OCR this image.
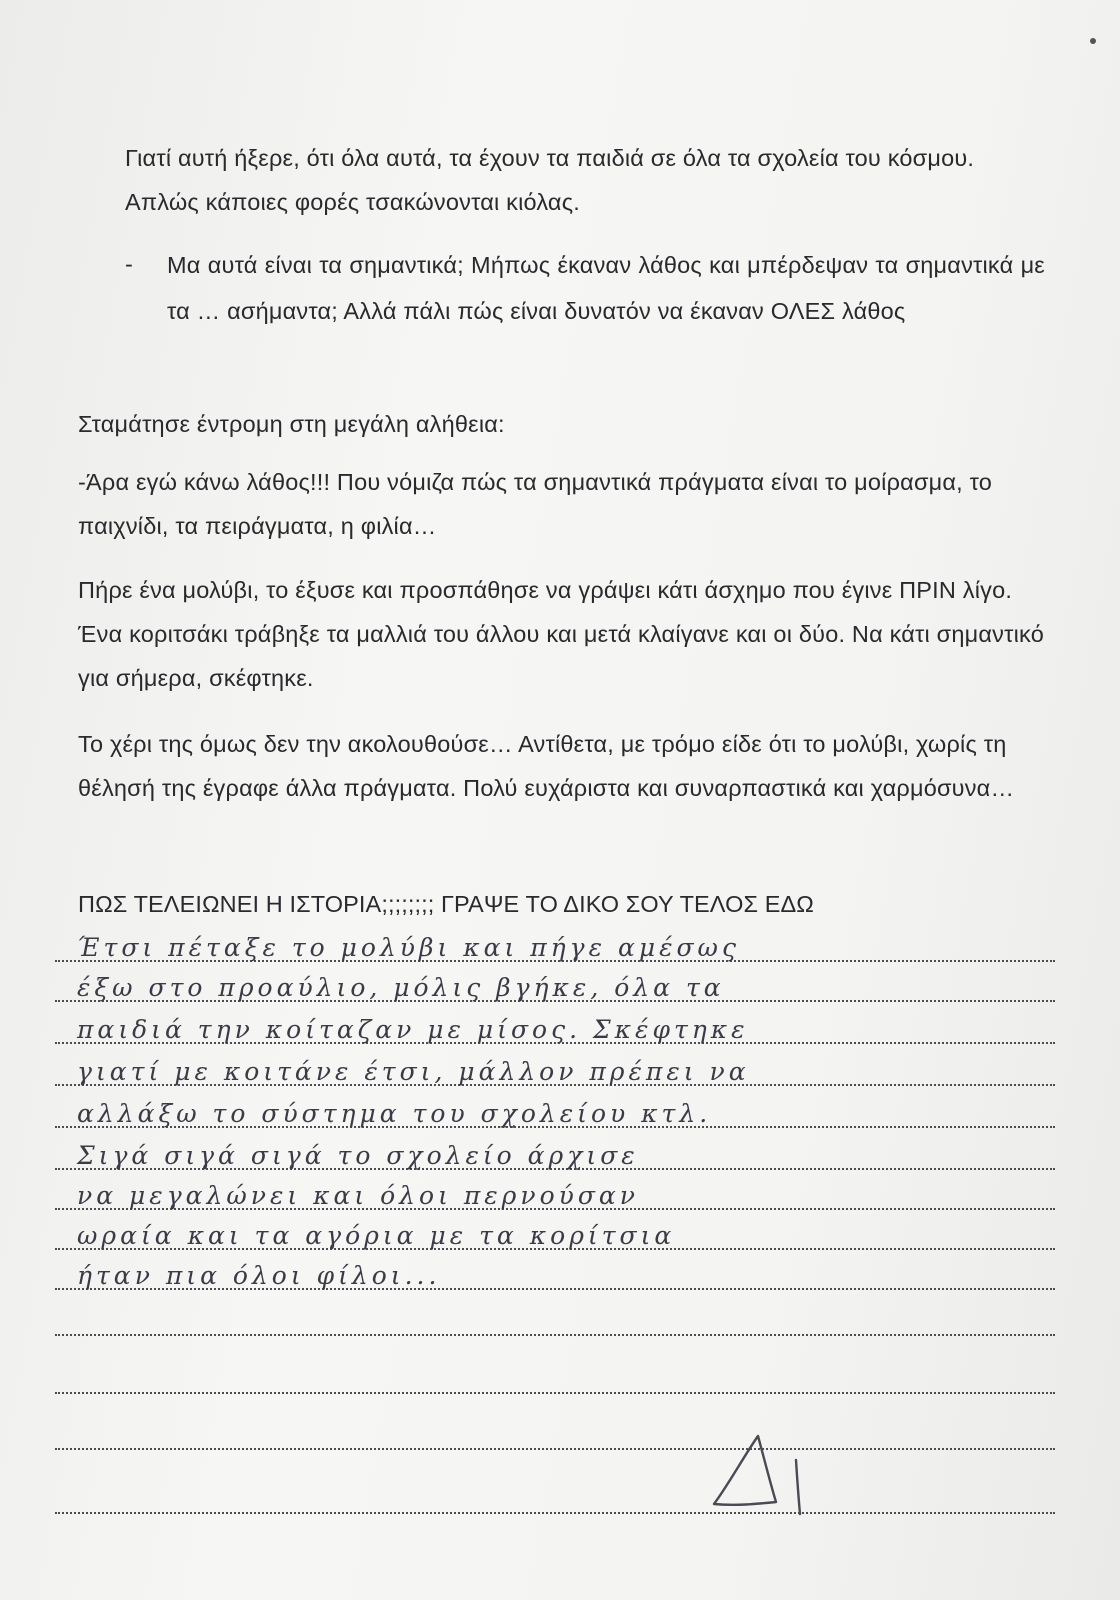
Γιατί αυτή ήξερε, ότι όλα αυτά, τα έχουν τα παιδιά σε όλα τα σχολεία του κόσμου. Απλώς κάποιες φορές τσακώνονται κιόλας.

- Μα αυτά είναι τα σημαντικά; Μήπως έκαναν λάθος και μπέρδεψαν τα σημαντικά με τα … ασήμαντα; Αλλά πάλι πώς είναι δυνατόν να έκαναν ΟΛΕΣ λάθος

Σταμάτησε έντρομη στη μεγάλη αλήθεια:

-Άρα εγώ κάνω λάθος!!! Που νόμιζα πώς τα σημαντικά πράγματα είναι το μοίρασμα, το παιχνίδι, τα πειράγματα, η φιλία…

Πήρε ένα μολύβι, το έξυσε και προσπάθησε να γράψει κάτι άσχημο που έγινε ΠΡΙΝ λίγο. Ένα κοριτσάκι τράβηξε τα μαλλιά του άλλου και μετά κλαίγανε και οι δύο. Να κάτι σημαντικό για σήμερα, σκέφτηκε.

Το χέρι της όμως δεν την ακολουθούσε… Αντίθετα, με τρόμο είδε ότι το μολύβι, χωρίς τη θέλησή της έγραφε άλλα πράγματα. Πολύ ευχάριστα και συναρπαστικά και χαρμόσυνα…

ΠΩΣ ΤΕΛΕΙΩΝΕΙ Η ΙΣΤΟΡΙΑ;;;;;;;; ΓΡΑΨΕ ΤΟ ΔΙΚΟ ΣΟΥ ΤΕΛΟΣ ΕΔΩ

Έτσι πέταξε το μολύβι και πήγε αμέσως
έξω στο προαύλιο, μόλις βγήκε, όλα τα
παιδιά την κοίταζαν με μίσος. Σκέφτηκε
γιατί με κοιτάνε έτσι, μάλλον πρέπει να
αλλάξω το σύστημα του σχολείου κτλ.
Σιγά σιγά σιγά το σχολείο άρχισε
να μεγαλώνει και όλοι περνούσαν
ωραία και τα αγόρια με τα κορίτσια
ήταν πια όλοι φίλοι...
